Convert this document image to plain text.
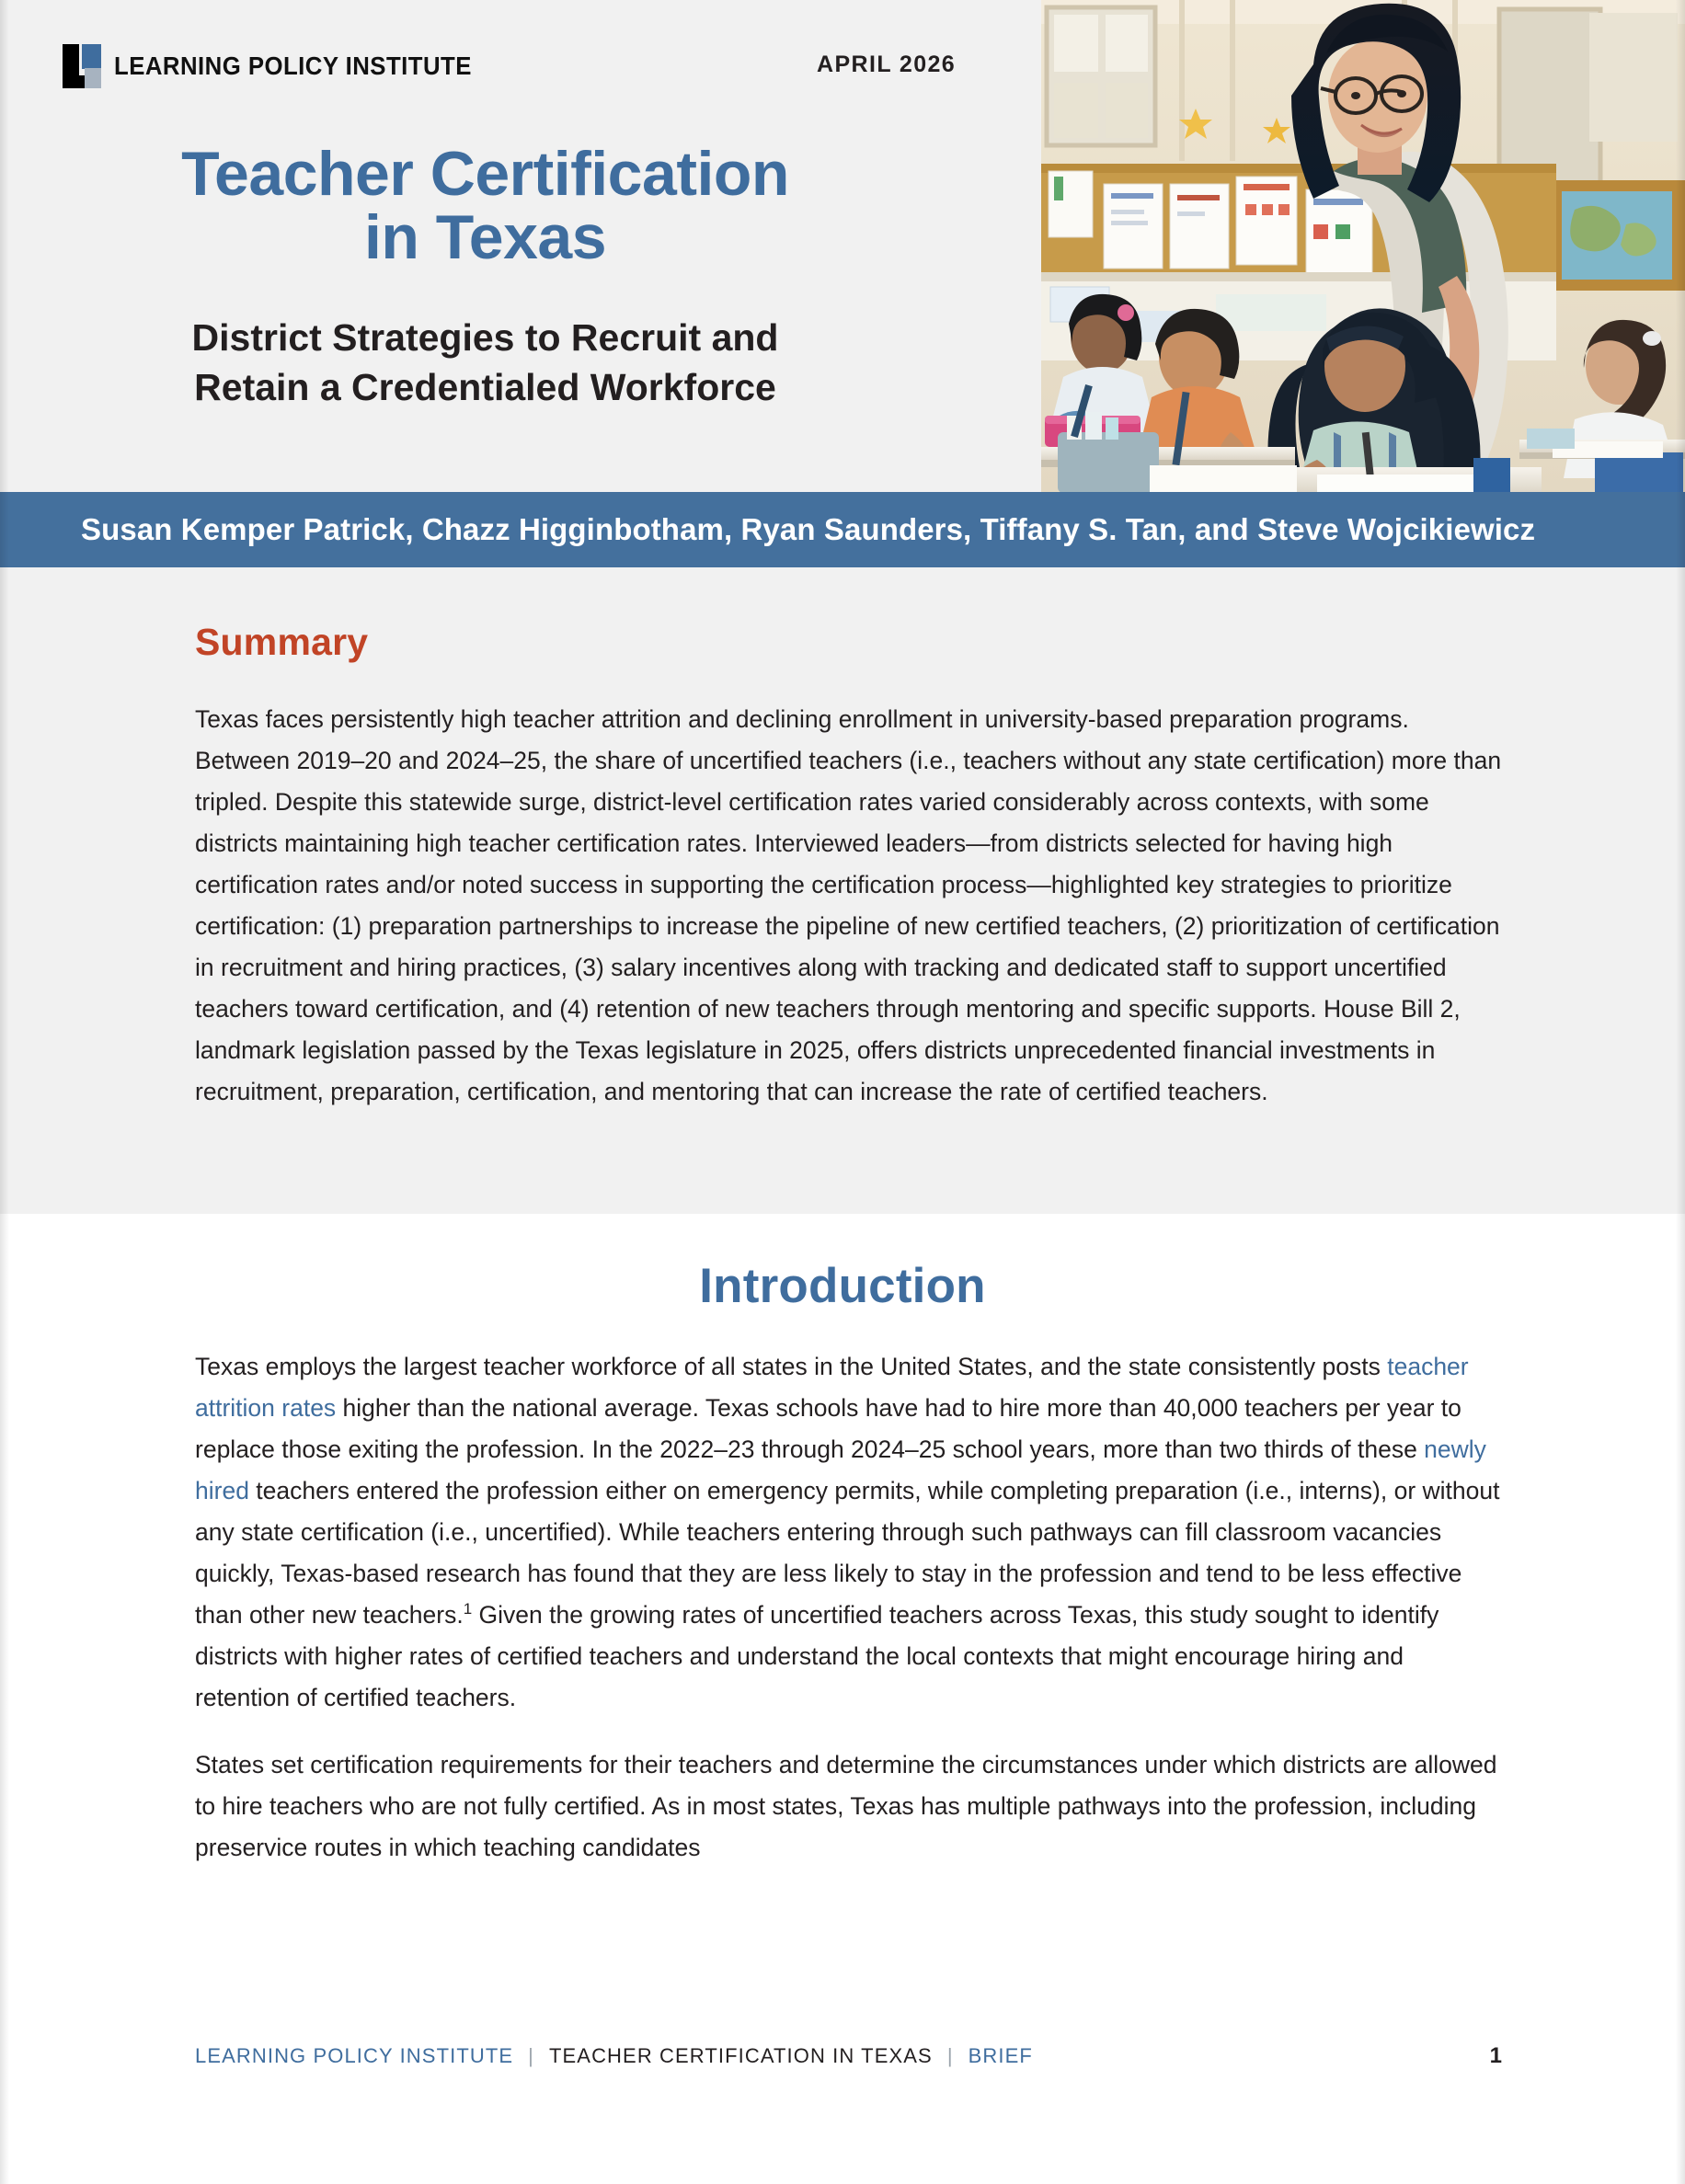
LEARNING POLICY INSTITUTE	APRIL 2026
Teacher Certification
in Texas
District Strategies to Recruit and
Retain a Credentialed Workforce
Susan Kemper Patrick, Chazz Higginbotham, Ryan Saunders, Tiffany S. Tan, and Steve Wojcikiewicz
Summary

Texas faces persistently high teacher attrition and declining enrollment in university-based preparation programs. Between 2019–20 and 2024–25, the share of uncertified teachers (i.e., teachers without any state certification) more than tripled. Despite this statewide surge, district-level certification rates varied considerably across contexts, with some districts maintaining high teacher certification rates. Interviewed leaders—from districts selected for having high certification rates and/or noted success in supporting the certification process—highlighted key strategies to prioritize certification: (1) preparation partnerships to increase the pipeline of new certified teachers, (2) prioritization of certification in recruitment and hiring practices, (3) salary incentives along with tracking and dedicated staff to support uncertified teachers toward certification, and (4) retention of new teachers through mentoring and specific supports. House Bill 2, landmark legislation passed by the Texas legislature in 2025, offers districts unprecedented financial investments in recruitment, preparation, certification, and mentoring that can increase the rate of certified teachers.

Introduction

Texas employs the largest teacher workforce of all states in the United States, and the state consistently posts teacher attrition rates higher than the national average. Texas schools have had to hire more than 40,000 teachers per year to replace those exiting the profession. In the 2022–23 through 2024–25 school years, more than two thirds of these newly hired teachers entered the profession either on emergency permits, while completing preparation (i.e., interns), or without any state certification (i.e., uncertified). While teachers entering through such pathways can fill classroom vacancies quickly, Texas-based research has found that they are less likely to stay in the profession and tend to be less effective than other new teachers.$^1$ Given the growing rates of uncertified teachers across Texas, this study sought to identify districts with higher rates of certified teachers and understand the local contexts that might encourage hiring and retention of certified teachers.

States set certification requirements for their teachers and determine the circumstances under which districts are allowed to hire teachers who are not fully certified. As in most states, Texas has multiple pathways into the profession, including preservice routes in which teaching candidates

LEARNING POLICY INSTITUTE | TEACHER CERTIFICATION IN TEXAS | BRIEF	1
